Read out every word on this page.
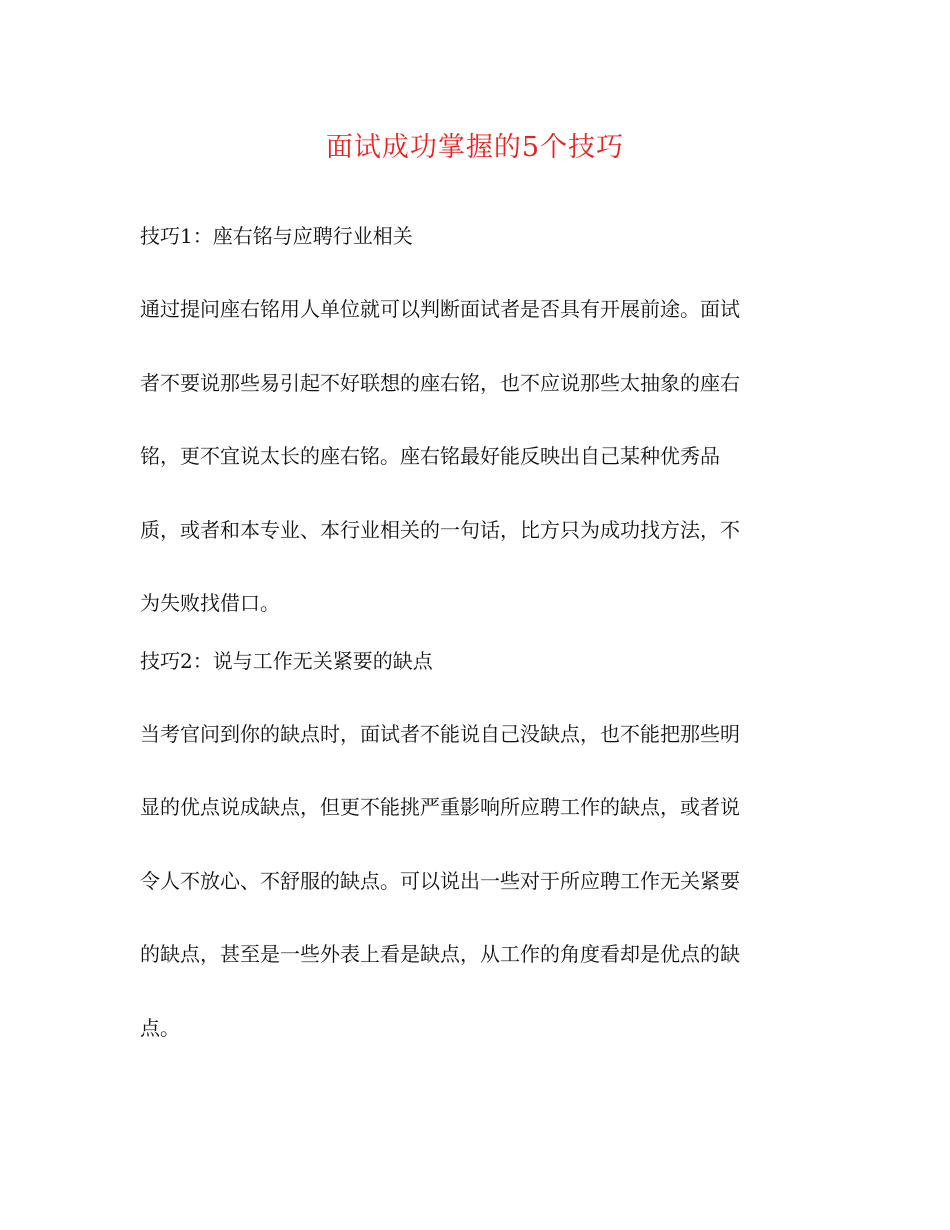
面试成功掌握的5个技巧
技巧1：座右铭与应聘行业相关
通过提问座右铭用人单位就可以判断面试者是否具有开展前途。面试
者不要说那些易引起不好联想的座右铭，也不应说那些太抽象的座右
铭，更不宜说太长的座右铭。座右铭最好能反映出自己某种优秀品
质，或者和本专业、本行业相关的一句话，比方只为成功找方法，不
为失败找借口。
技巧2：说与工作无关紧要的缺点
当考官问到你的缺点时，面试者不能说自己没缺点，也不能把那些明
显的优点说成缺点，但更不能挑严重影响所应聘工作的缺点，或者说
令人不放心、不舒服的缺点。可以说出一些对于所应聘工作无关紧要
的缺点，甚至是一些外表上看是缺点，从工作的角度看却是优点的缺
点。
